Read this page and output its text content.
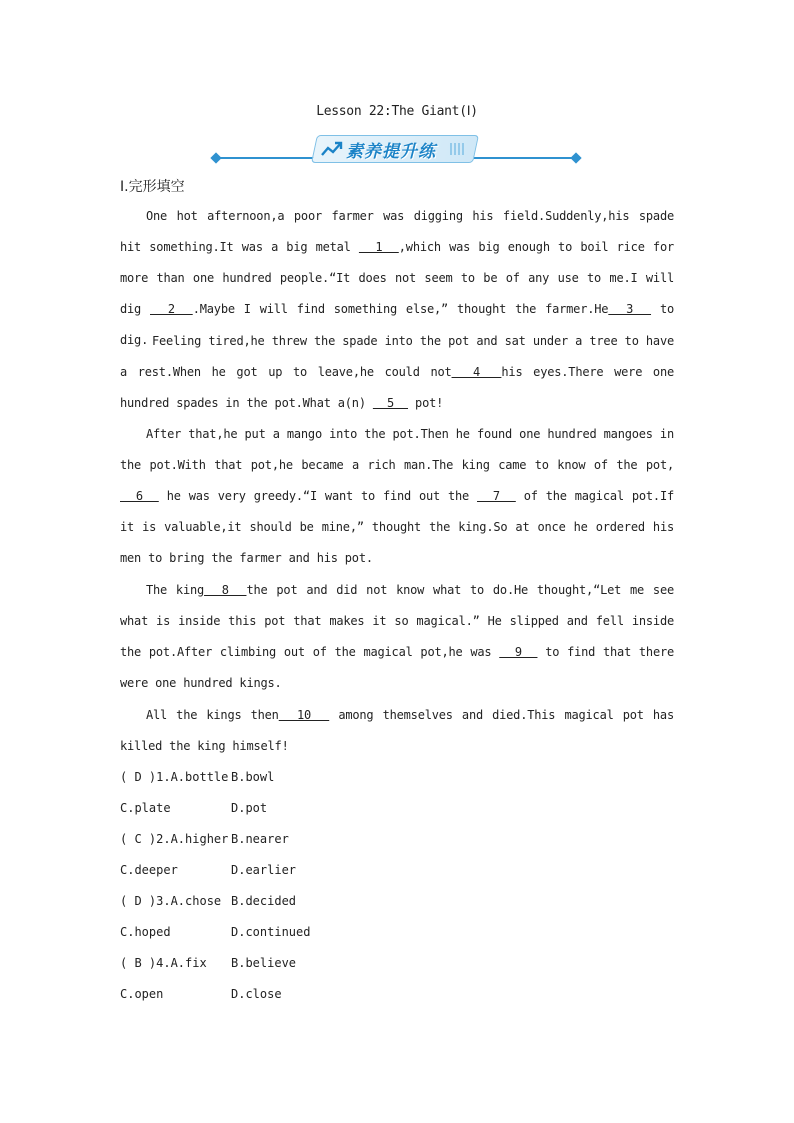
Lesson 22:The Giant(Ⅰ)
素养提升练
Ⅰ.完形填空
One hot afternoon,a poor farmer was digging his field.Suddenly,his spade hit something.It was a big metal   1  ,which was big enough to boil rice for more than one hundred people.“It does not seem to be of any use to me.I will dig   2  .Maybe I will find something else,” thought the farmer.He  3   to dig. Feeling tired,he threw the spade into the pot and sat under a tree to have a rest.When he got up to leave,he could not  4  his eyes.There were one hundred spades in the pot.What a(n)   5   pot!
After that,he put a mango into the pot.Then he found one hundred mangoes in the pot.With that pot,he became a rich man.The king came to know of the pot,  6   he was very greedy.“I want to find out the   7   of the magical pot.If it is valuable,it should be mine,” thought the king.So at once he ordered his men to bring the farmer and his pot.
The king  8  the pot and did not know what to do.He thought,“Let me see what is inside this pot that makes it so magical.” He slipped and fell inside the pot.After climbing out of the magical pot,he was   9   to find that there were one hundred kings.
All the kings then  10   among themselves and died.This magical pot has killed the king himself!
( D )1.A.bottle B.bowl
C.plate	D.pot
( C )2.A.higher B.nearer
C.deeper	D.earlier
( D )3.A.chose B.decided
C.hoped	D.continued
( B )4.A.fix B.believe
C.open	D.close
